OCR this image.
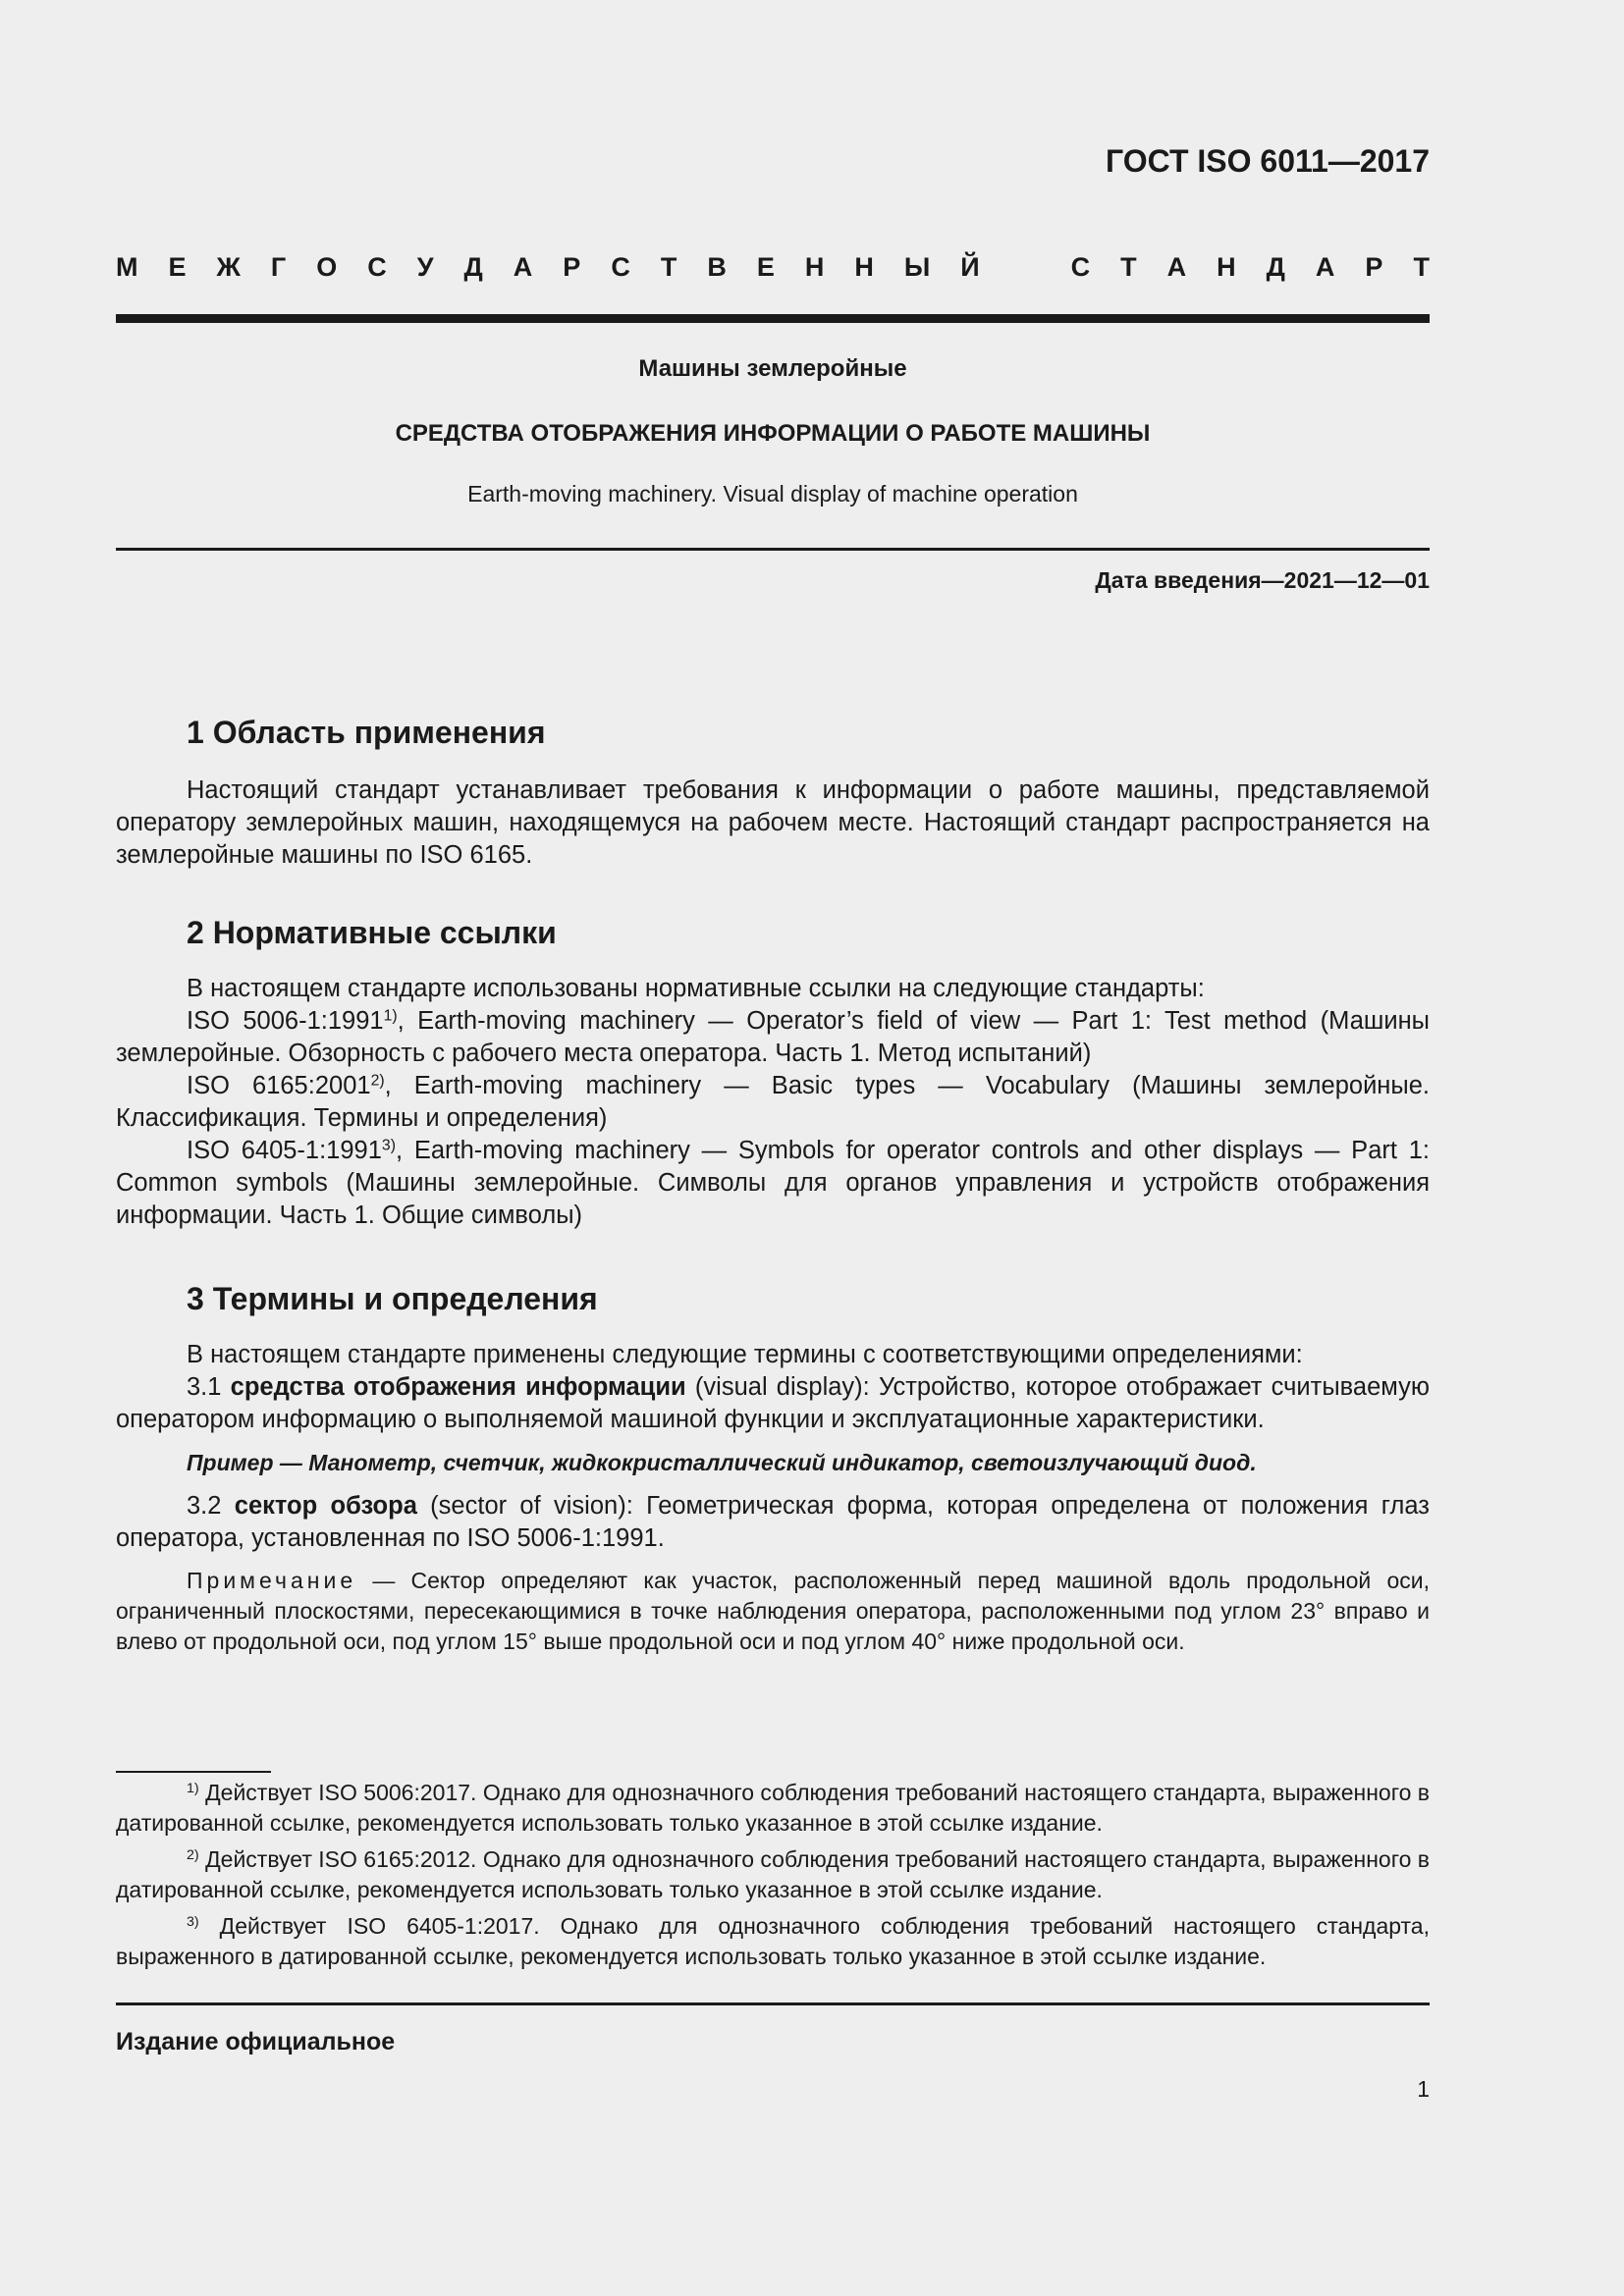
ГОСТ ISO 6011—2017
М Е Ж Г О С У Д А Р С Т В Е Н Н Ы Й	С Т А Н Д А Р Т
Машины землеройные
СРЕДСТВА ОТОБРАЖЕНИЯ ИНФОРМАЦИИ О РАБОТЕ МАШИНЫ
Earth-moving machinery. Visual display of machine operation
Дата введения—2021—12—01
1 Область применения

Настоящий стандарт устанавливает требования к информации о работе машины, представляемой оператору землеройных машин, находящемуся на рабочем месте. Настоящий стандарт распространяется на землеройные машины по ISO 6165.

2 Нормативные ссылки

В настоящем стандарте использованы нормативные ссылки на следующие стандарты:

ISO 5006-1:1991$^{1)}$, Earth-moving machinery — Operator’s field of view — Part 1: Test method (Машины землеройные. Обзорность с рабочего места оператора. Часть 1. Метод испытаний)

ISO 6165:2001$^{2)}$, Earth-moving machinery — Basic types — Vocabulary (Машины землеройные. Классификация. Термины и определения)

ISO 6405-1:1991$^{3)}$, Earth-moving machinery — Symbols for operator controls and other displays — Part 1: Common symbols (Машины землеройные. Символы для органов управления и устройств отображения информации. Часть 1. Общие символы)

3 Термины и определения

В настоящем стандарте применены следующие термины с соответствующими определениями:

3.1 средства отображения информации (visual display): Устройство, которое отображает считываемую оператором информацию о выполняемой машиной функции и эксплуатационные характеристики.

Пример — Манометр, счетчик, жидкокристаллический индикатор, светоизлучающий диод.

3.2 сектор обзора (sector of vision): Геометрическая форма, которая определена от положения глаз оператора, установленная по ISO 5006-1:1991.

Примечание — Сектор определяют как участок, расположенный перед машиной вдоль продольной оси, ограниченный плоскостями, пересекающимися в точке наблюдения оператора, расположенными под углом 23° вправо и влево от продольной оси, под углом 15° выше продольной оси и под углом 40° ниже продольной оси.

$^{1)}$ Действует ISO 5006:2017. Однако для однозначного соблюдения требований настоящего стандарта, выраженного в датированной ссылке, рекомендуется использовать только указанное в этой ссылке издание.

$^{2)}$ Действует ISO 6165:2012. Однако для однозначного соблюдения требований настоящего стандарта, выраженного в датированной ссылке, рекомендуется использовать только указанное в этой ссылке издание.

$^{3)}$ Действует ISO 6405-1:2017. Однако для однозначного соблюдения требований настоящего стандарта, выраженного в датированной ссылке, рекомендуется использовать только указанное в этой ссылке издание.

Издание официальное
1
